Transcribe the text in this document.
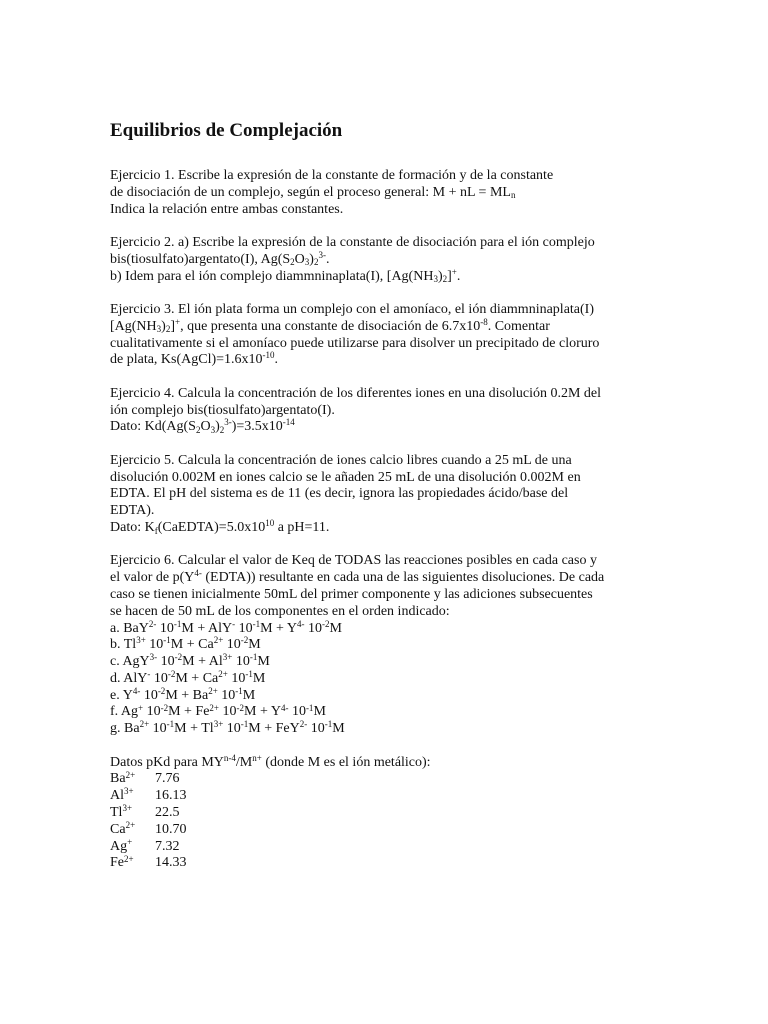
Equilibrios de Complejación
Ejercicio 1. Escribe la expresión de la constante de formación y de la constante
de disociación de un complejo, según el proceso general: M + nL = $ML_n$
Indica la relación entre ambas constantes.
Ejercicio 2. a) Escribe la expresión de la constante de disociación para el ión complejo
bis(tiosulfato)argentato(I), $Ag(S_2O_3)_2^{3-}$.
b) Idem para el ión complejo diammninaplata(I), $[Ag(NH_3)_2]^+$.
Ejercicio 3. El ión plata forma un complejo con el amoníaco, el ión diammninaplata(I)
$[Ag(NH_3)_2]^+$, que presenta una constante de disociación de $6.7x10^{-8}$. Comentar
cualitativamente si el amoníaco puede utilizarse para disolver un precipitado de cloruro
de plata, $Ks(AgCl)=1.6x10^{-10}$.
Ejercicio 4. Calcula la concentración de los diferentes iones en una disolución 0.2M del
ión complejo bis(tiosulfato)argentato(I).
Dato: $Kd(Ag(S_2O_3)_2^{3-})=3.5x10^{-14}$
Ejercicio 5. Calcula la concentración de iones calcio libres cuando a 25 mL de una
disolución 0.002M en iones calcio se le añaden 25 mL de una disolución 0.002M en
EDTA. El pH del sistema es de 11 (es decir, ignora las propiedades ácido/base del
EDTA).
Dato: $K_f(CaEDTA)=5.0x10^{10}$ a pH=11.
Ejercicio 6. Calcular el valor de Keq de TODAS las reacciones posibles en cada caso y
el valor de $p(Y^{4-}$ (EDTA)) resultante en cada una de las siguientes disoluciones. De cada
caso se tienen inicialmente 50mL del primer componente y las adiciones subsecuentes
se hacen de 50 mL de los componentes en el orden indicado:
a. BaY$^{2-}$ $10^{-1}M + AlY^-$ $10^{-1}M + Y^{4-}$ $10^{-2}M$
b. $Tl^{3+}$ $10^{-1}M + Ca^{2+}$ $10^{-2}M$
c. AgY$^{3-}$ $10^{-2}M + Al^{3+}$ $10^{-1}M$
d. AlY- $10^{-2}M + Ca^{2+}$ $10^{-1}M$
e. $Y^{4-}$ $10^{-2}M + Ba^{2+}$ $10^{-1}M$
f. Ag+ $10^{-2}M + Fe^{2+}$ $10^{-2}M + Y^{4-}$ $10^{-1}M$
g. $Ba^{2+}$ $10^{-1}M + Tl^{3+}$ $10^{-1}M + FeY^{2-}$ $10^{-1}M$
Datos pKd para $MY^{n-4}/M^{n+}$ (donde M es el ión metálico):
$Ba^{2+}$	7.76
$Al^{3+}$	16.13
$Tl^{3+}$	22.5
$Ca^{2+}$	10.70
Ag+	7.32
$Fe^{2+}$	14.33
